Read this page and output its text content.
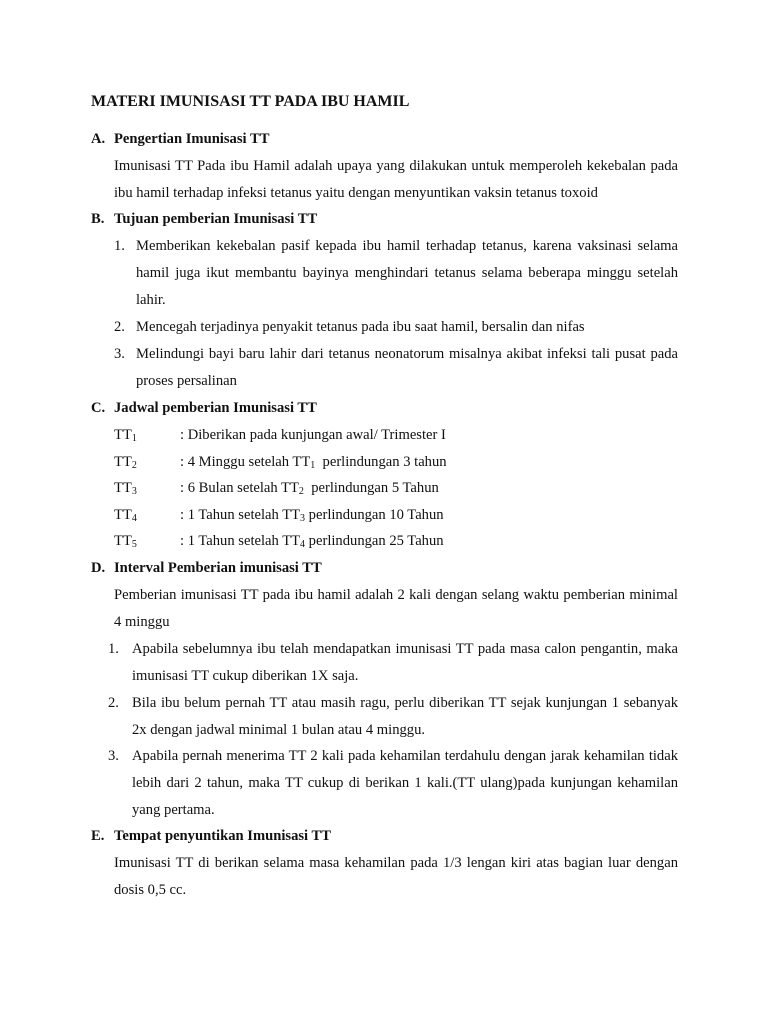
MATERI IMUNISASI TT PADA IBU HAMIL
A. Pengertian Imunisasi TT

Imunisasi TT Pada ibu Hamil adalah upaya yang dilakukan untuk memperoleh kekebalan pada ibu hamil terhadap infeksi tetanus yaitu dengan menyuntikan vaksin tetanus toxoid

B. Tujuan pemberian Imunisasi TT
1. Memberikan kekebalan pasif kepada ibu hamil terhadap tetanus, karena vaksinasi selama hamil juga ikut membantu bayinya menghindari tetanus selama beberapa minggu setelah lahir.
2. Mencegah terjadinya penyakit tetanus pada ibu saat hamil, bersalin dan nifas
3. Melindungi bayi baru lahir dari tetanus neonatorum misalnya akibat infeksi tali pusat pada proses persalinan
C. Jadwal pemberian Imunisasi TT
$TT_1$	: Diberikan pada kunjungan awal/ Trimester I
$TT_2$	: 4 Minggu setelah $TT_1$  perlindungan 3 tahun
$TT_3$	: 6 Bulan setelah $TT_2$  perlindungan 5 Tahun
$TT_4$	: 1 Tahun setelah $TT_3$ perlindungan 10 Tahun
$TT_5$	: 1 Tahun setelah $TT_4$ perlindungan 25 Tahun
D. Interval Pemberian imunisasi TT

Pemberian imunisasi TT pada ibu hamil adalah 2 kali dengan selang waktu pemberian minimal 4 minggu

1. Apabila sebelumnya ibu telah mendapatkan imunisasi TT pada masa calon pengantin, maka imunisasi TT cukup diberikan 1X saja.
2. Bila ibu belum pernah TT atau masih ragu, perlu diberikan TT sejak kunjungan 1 sebanyak 2x dengan jadwal minimal 1 bulan atau 4 minggu.
3. Apabila pernah menerima TT 2 kali pada kehamilan terdahulu dengan jarak kehamilan tidak lebih dari 2 tahun, maka TT cukup di berikan 1 kali.(TT ulang)pada kunjungan kehamilan yang pertama.
E. Tempat penyuntikan Imunisasi TT

Imunisasi TT di berikan selama masa kehamilan pada 1/3 lengan kiri atas bagian luar dengan dosis 0,5 cc.
